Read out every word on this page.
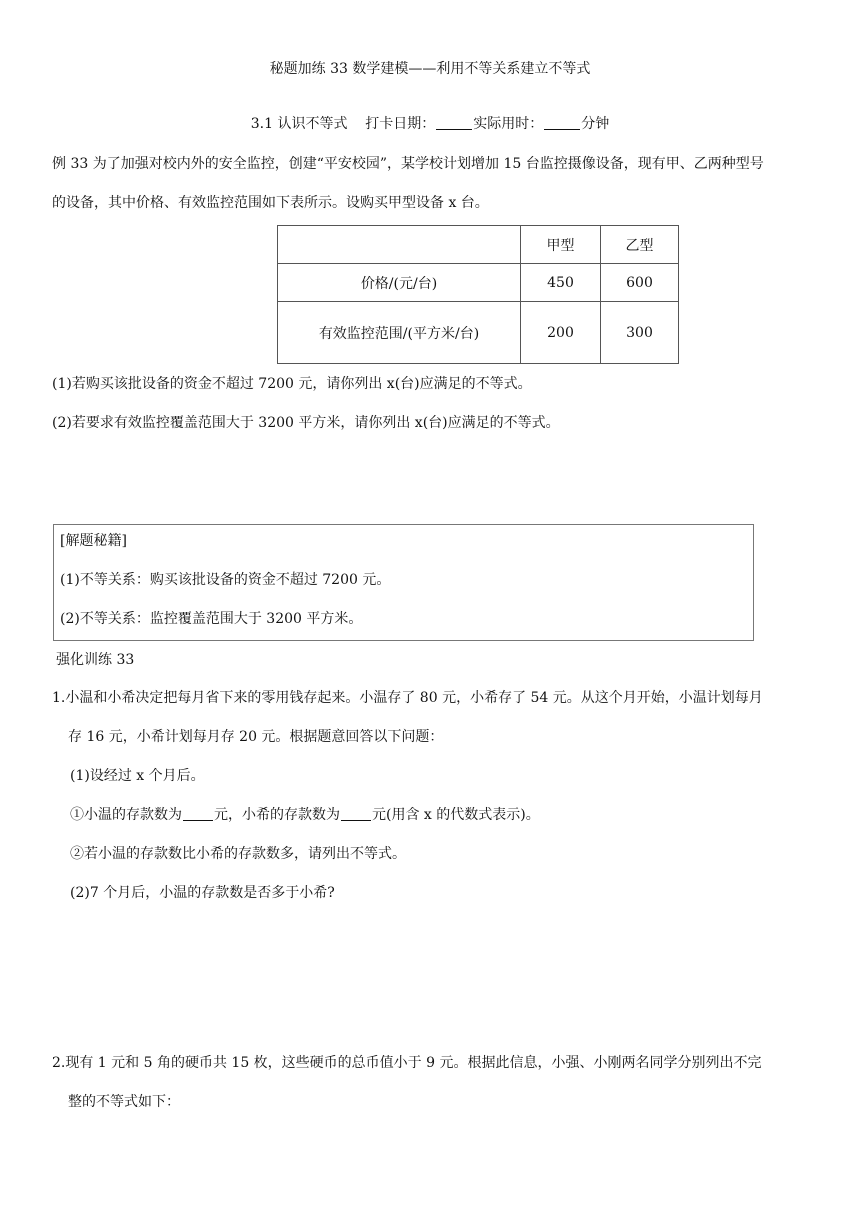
秘题加练 33 数学建模——利用不等关系建立不等式
3.1 认识不等式 打卡日期：	实际用时：	分钟
例 33 为了加强对校内外的安全监控，创建“平安校园”，某学校计划增加 15 台监控摄像设备，现有甲、乙两种型号
的设备，其中价格、有效监控范围如下表所示。设购买甲型设备 x 台。
	甲型	乙型
价格/(元/台)	450	600
有效监控范围/(平方米/台)	200	300
(1)若购买该批设备的资金不超过 7200 元，请你列出 x(台)应满足的不等式。
(2)若要求有效监控覆盖范围大于 3200 平方米，请你列出 x(台)应满足的不等式。
[解题秘籍]
(1)不等关系：购买该批设备的资金不超过 7200 元。
(2)不等关系：监控覆盖范围大于 3200 平方米。
强化训练 33
1.小温和小希决定把每月省下来的零用钱存起来。小温存了 80 元，小希存了 54 元。从这个月开始，小温计划每月
存 16 元，小希计划每月存 20 元。根据题意回答以下问题：
(1)设经过 x 个月后。
①小温的存款数为 元，小希的存款数为 元(用含 x 的代数式表示)。
②若小温的存款数比小希的存款数多，请列出不等式。
(2)7 个月后，小温的存款数是否多于小希?
2.现有 1 元和 5 角的硬币共 15 枚，这些硬币的总币值小于 9 元。根据此信息，小强、小刚两名同学分别列出不完
整的不等式如下：
